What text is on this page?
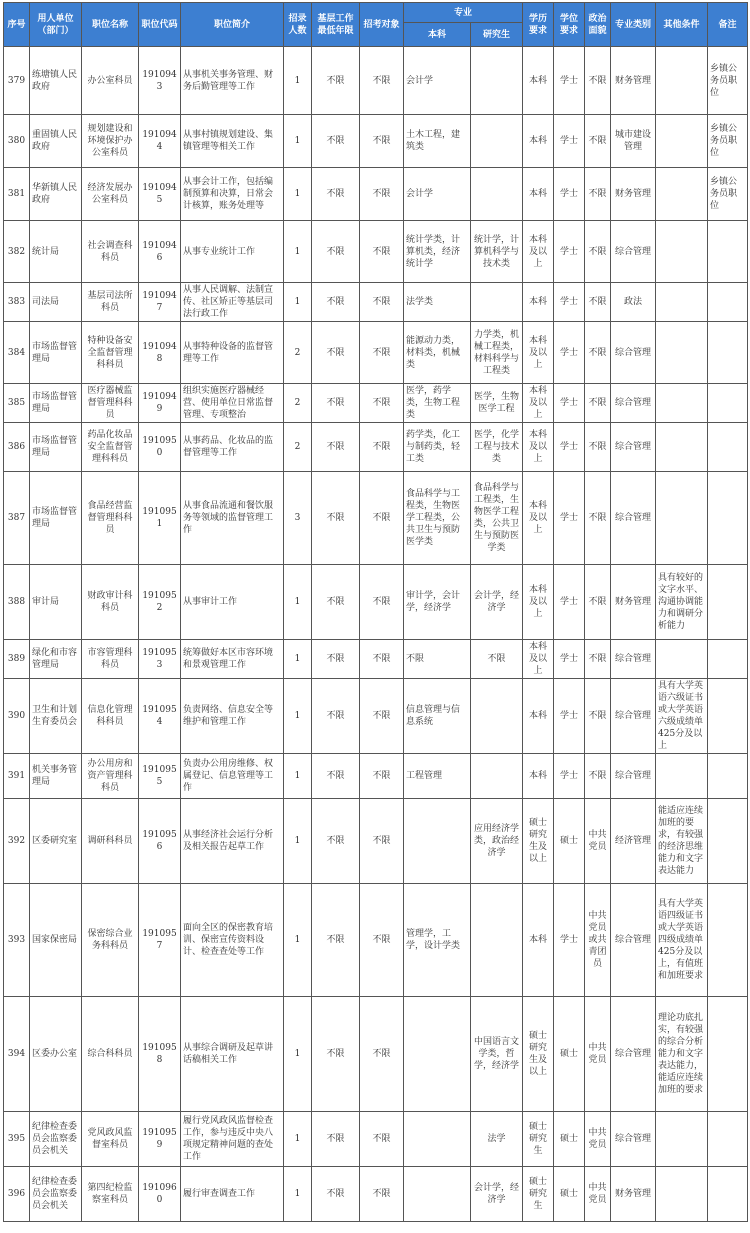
序号	用人单位（部门）	职位名称	职位代码	职位简介	招录人数	基层工作最低年限	招考对象	专业		学历要求	学位要求	政治面貌	专业类别	其他条件	备注
								本科	研究生						
379	练塘镇人民政府	办公室科员	1910943	从事机关事务管理、财务后勤管理等工作	1	不限	不限	会计学		本科	学士	不限	财务管理		乡镇公务员职位
380	重固镇人民政府	规划建设和环境保护办公室科员	1910944	从事村镇规划建设、集镇管理等相关工作	1	不限	不限	土木工程，建筑类		本科	学士	不限	城市建设管理		乡镇公务员职位
381	华新镇人民政府	经济发展办公室科员	1910945	从事会计工作，包括编制预算和决算，日常会计核算，账务处理等	1	不限	不限	会计学		本科	学士	不限	财务管理		乡镇公务员职位
382	统计局	社会调查科科员	1910946	从事专业统计工作	1	不限	不限	统计学类，计算机类，经济统计学	统计学，计算机科学与技术类	本科及以上	学士	不限	综合管理		
383	司法局	基层司法所科员	1910947	从事人民调解、法制宣传、社区矫正等基层司法行政工作	1	不限	不限	法学类		本科	学士	不限	政法		
384	市场监督管理局	特种设备安全监督管理科科员	1910948	从事特种设备的监督管理等工作	2	不限	不限	能源动力类，材料类，机械类	力学类，机械工程类，材料科学与工程类	本科及以上	学士	不限	综合管理		
385	市场监督管理局	医疗器械监督管理科科员	1910949	组织实施医疗器械经营、使用单位日常监督管理、专项整治	2	不限	不限	医学，药学类，生物工程类	医学，生物医学工程	本科及以上	学士	不限	综合管理		
386	市场监督管理局	药品化妆品安全监督管理科科员	1910950	从事药品、化妆品的监督管理等工作	2	不限	不限	药学类，化工与制药类，轻工类	医学，化学工程与技术类	本科及以上	学士	不限	综合管理		
387	市场监督管理局	食品经营监督管理科科员	1910951	从事食品流通和餐饮服务等领域的监督管理工作	3	不限	不限	食品科学与工程类，生物医学工程类，公共卫生与预防医学类	食品科学与工程类，生物医学工程类，公共卫生与预防医学类	本科及以上	学士	不限	综合管理		
388	审计局	财政审计科科员	1910952	从事审计工作	1	不限	不限	审计学，会计学，经济学	会计学，经济学	本科及以上	学士	不限	财务管理	具有较好的文字水平、沟通协调能力和调研分析能力	
389	绿化和市容管理局	市容管理科科员	1910953	统筹做好本区市容环境和景观管理工作	1	不限	不限	不限	不限	本科及以上	学士	不限	综合管理		
390	卫生和计划生育委员会	信息化管理科科员	1910954	负责网络、信息安全等维护和管理工作	1	不限	不限	信息管理与信息系统		本科	学士	不限	综合管理	具有大学英语六级证书或大学英语六级成绩单425分及以上	
391	机关事务管理局	办公用房和资产管理科科员	1910955	负责办公用房维修、权属登记、信息管理等工作	1	不限	不限	工程管理		本科	学士	不限	综合管理		
392	区委研究室	调研科科员	1910956	从事经济社会运行分析及相关报告起草工作	1	不限	不限		应用经济学类，政治经济学	硕士研究生及以上	硕士	中共党员	经济管理	能适应连续加班的要求，有较强的经济思维能力和文字表达能力	
393	国家保密局	保密综合业务科科员	1910957	面向全区的保密教育培训、保密宣传资料设计、检查查处等工作	1	不限	不限	管理学，工学，设计学类		本科	学士	中共党员或共青团员	综合管理	具有大学英语四级证书或大学英语四级成绩单425分及以上，有值班和加班要求	
394	区委办公室	综合科科员	1910958	从事综合调研及起草讲话稿相关工作	1	不限	不限		中国语言文学类，哲学，经济学	硕士研究生及以上	硕士	中共党员	综合管理	理论功底扎实，有较强的综合分析能力和文字表达能力，能适应连续加班的要求	
395	纪律检查委员会监察委员会机关	党风政风监督室科员	1910959	履行党风政风监督检查工作，参与违反中央八项规定精神问题的查处工作	1	不限	不限		法学	硕士研究生	硕士	中共党员	综合管理		
396	纪律检查委员会监察委员会机关	第四纪检监察室科员	1910960	履行审查调查工作	1	不限	不限		会计学，经济学	硕士研究生	硕士	中共党员	财务管理		
